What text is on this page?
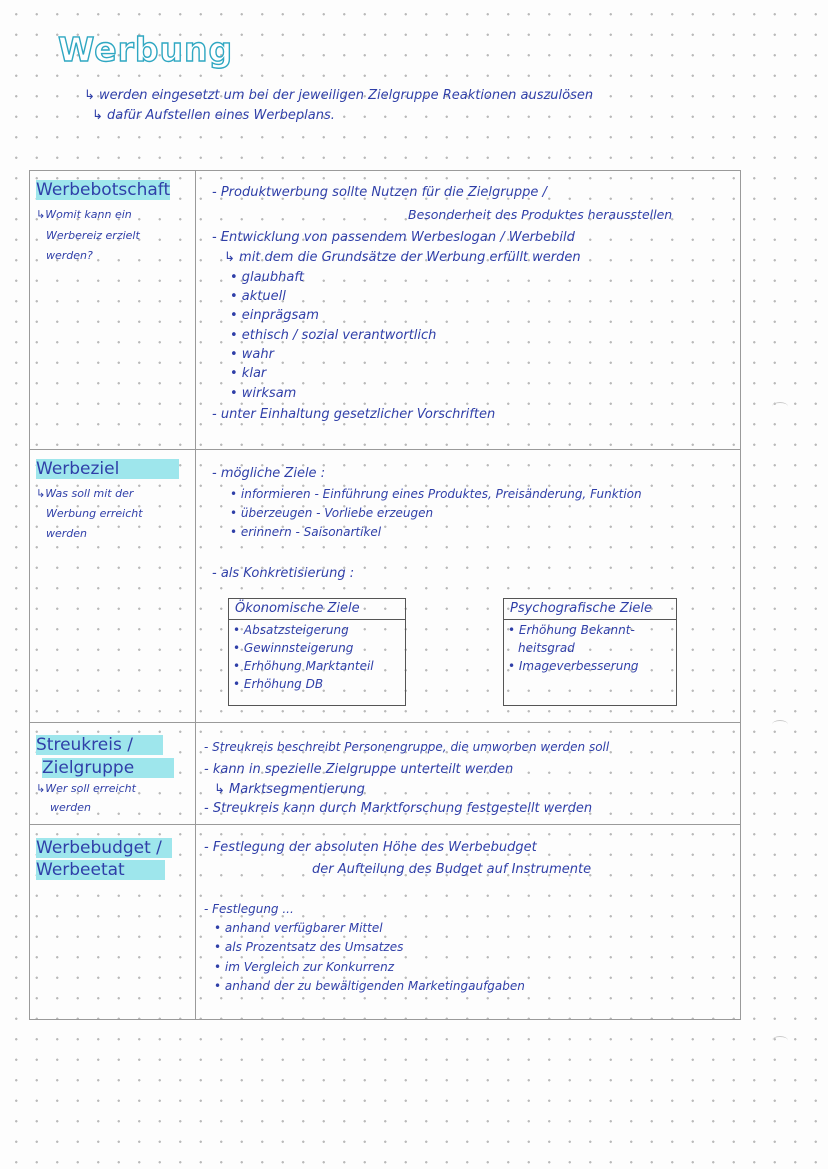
Werbung
↳ werden eingesetzt um bei der jeweiligen Zielgruppe Reaktionen auszulösen
↳ dafür Aufstellen eines Werbeplans.
Werbebotschaft
↳Womit kann ein
Werbereiz erzielt
werden?
- Produktwerbung sollte Nutzen für die Zielgruppe /
Besonderheit des Produktes herausstellen
- Entwicklung von passendem Werbeslogan / Werbebild
↳ mit dem die Grundsätze der Werbung erfüllt werden
• glaubhaft
• aktuell
• einprägsam
• ethisch / sozial verantwortlich
• wahr
• klar
• wirksam
- unter Einhaltung gesetzlicher Vorschriften
Werbeziel
↳Was soll mit der
Werbung erreicht
werden
- mögliche Ziele :
• informieren - Einführung eines Produktes, Preisänderung, Funktion
• überzeugen - Vorliebe erzeugen
• erinnern - Saisonartikel
- als Konkretisierung :
Ökonomische Ziele
• Absatzsteigerung
• Gewinnsteigerung
• Erhöhung Marktanteil
• Erhöhung DB
Psychografische Ziele
• Erhöhung Bekannt-
heitsgrad
• Imageverbesserung
Streukreis /
Zielgruppe
↳Wer soll erreicht
werden
- Streukreis beschreibt Personengruppe, die umworben werden soll
- kann in spezielle Zielgruppe unterteilt werden
↳ Marktsegmentierung
- Streukreis kann durch Marktforschung festgestellt werden
Werbebudget /
Werbeetat
- Festlegung der absoluten Höhe des Werbebudget
der Aufteilung des Budget auf Instrumente
- Festlegung ...
• anhand verfügbarer Mittel
• als Prozentsatz des Umsatzes
• im Vergleich zur Konkurrenz
• anhand der zu bewältigenden Marketingaufgaben
